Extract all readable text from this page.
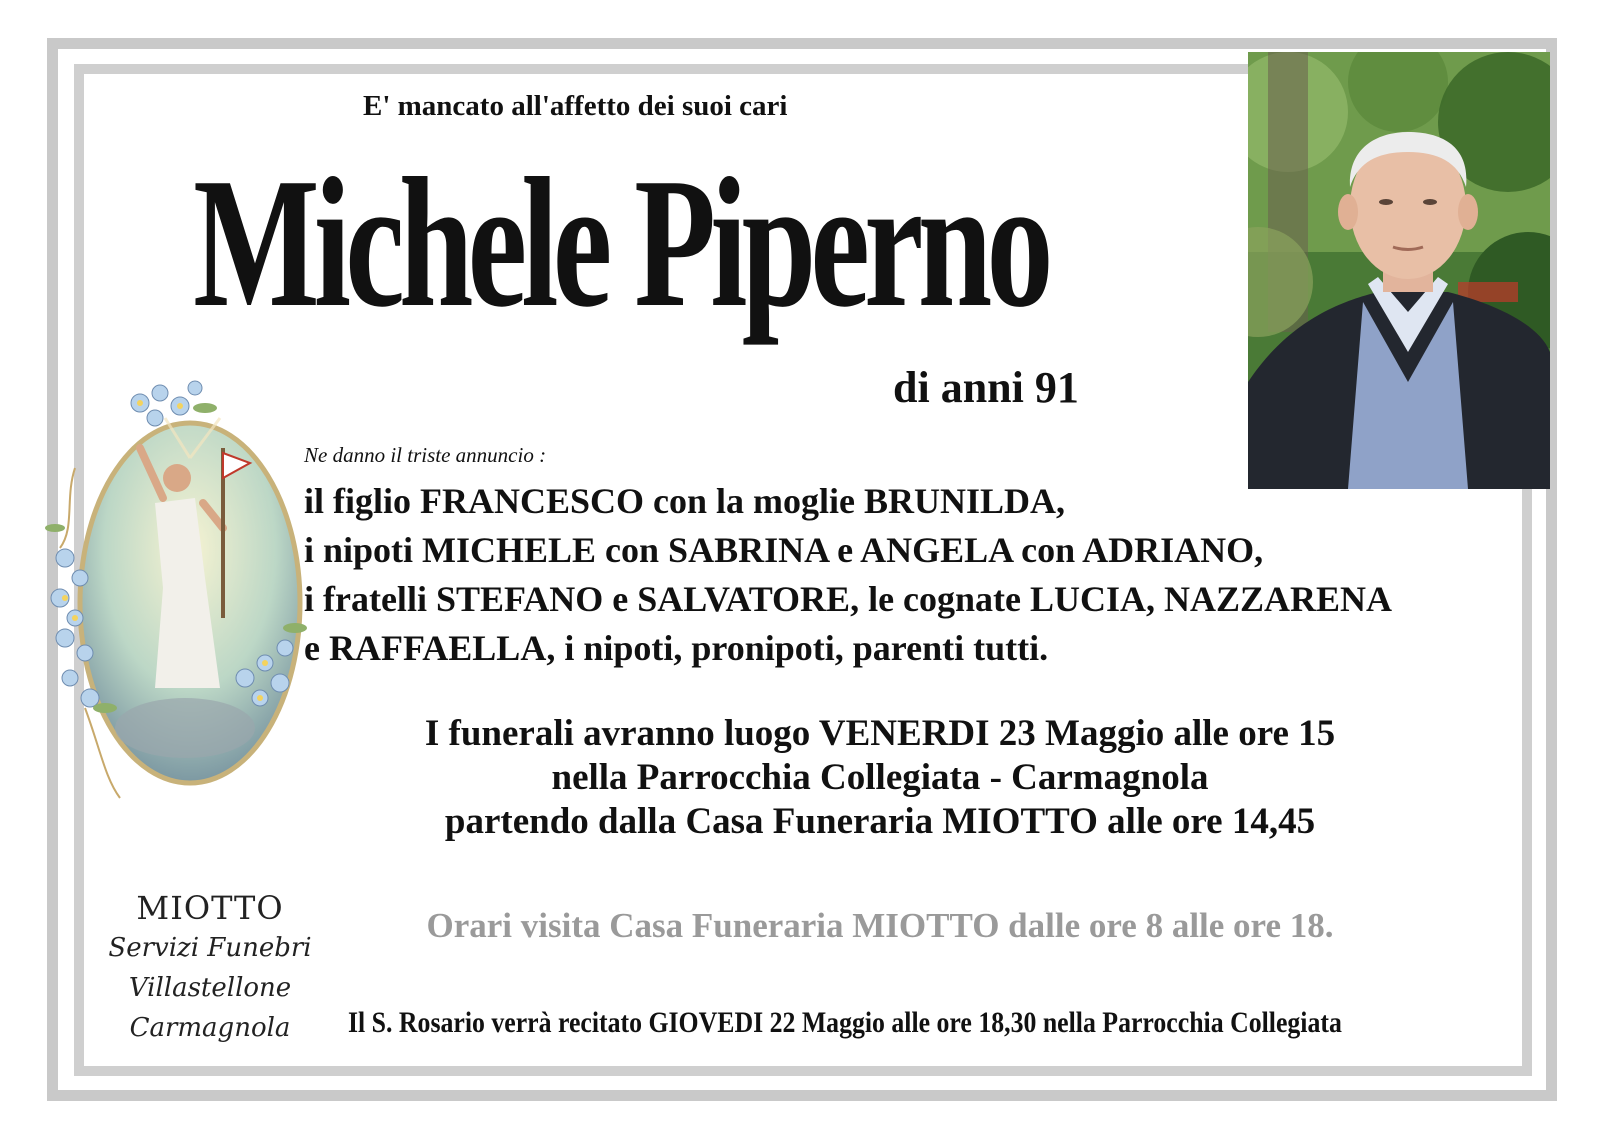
E' mancato all'affetto dei suoi cari
Michele Piperno
di anni 91
Ne danno il triste annuncio :
il figlio FRANCESCO con la moglie BRUNILDA,
i nipoti MICHELE con SABRINA e ANGELA con ADRIANO,
i fratelli STEFANO e SALVATORE, le cognate LUCIA, NAZZARENA
e RAFFAELLA, i nipoti, pronipoti, parenti tutti.
I funerali avranno luogo VENERDI 23 Maggio alle ore 15
nella Parrocchia Collegiata - Carmagnola
partendo dalla Casa Funeraria MIOTTO alle ore 14,45
Orari visita Casa Funeraria MIOTTO dalle ore 8 alle ore 18.
Il S. Rosario verrà recitato GIOVEDI 22 Maggio alle ore 18,30 nella Parrocchia Collegiata
MIOTTO
Servizi Funebri
Villastellone
Carmagnola
